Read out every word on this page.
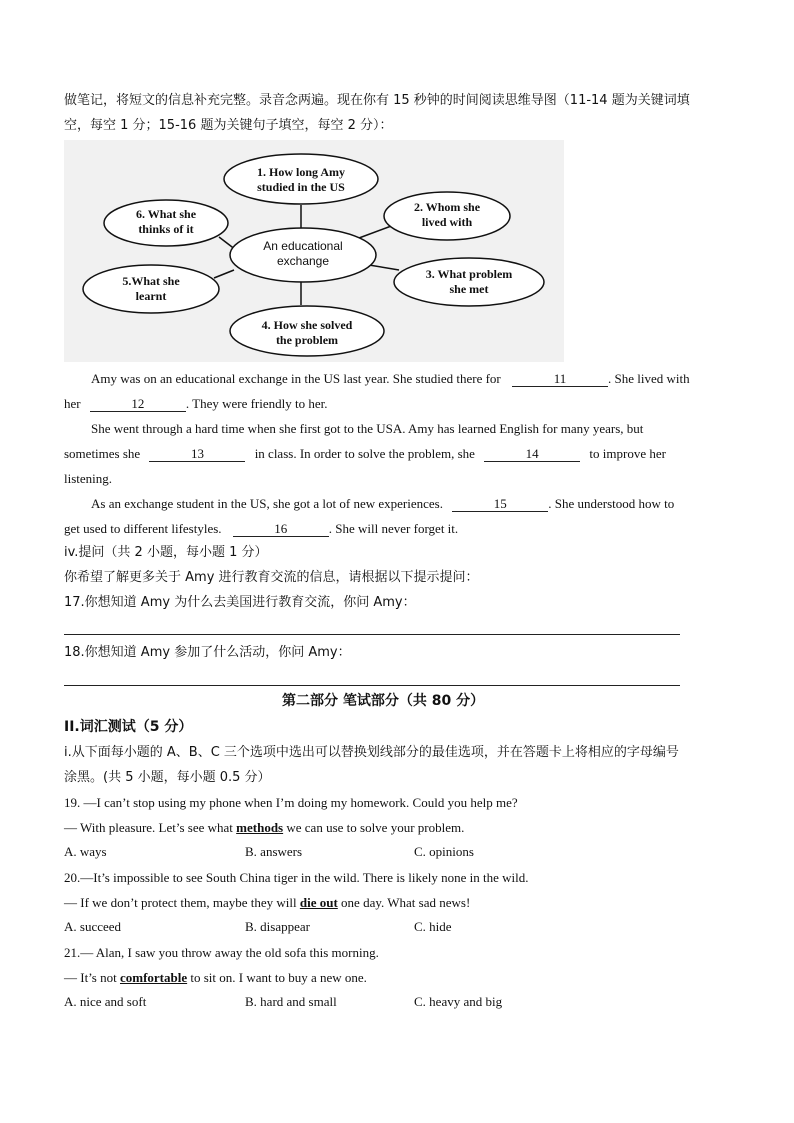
做笔记，将短文的信息补充完整。录音念两遍。现在你有 15 秒钟的时间阅读思维导图（11-14 题为关键词填
空，每空 1 分；15-16 题为关键句子填空，每空 2 分）：
An educational
exchange
1. How long Amy
studied in the US
2. Whom she
lived with
3. What problem
she met
4. How she solved
the problem
5.What she
learnt
6. What she
thinks of it
Amy was on an educational exchange in the US last year. She studied there for	11	. She lived with
her	12	. They were friendly to her.
She went through a hard time when she first got to the USA. Amy has learned English for many years, but
sometimes she	13	in class. In order to solve the problem, she	14	to improve her
listening.
As an exchange student in the US, she got a lot of new experiences.	15	. She understood how to
get used to different lifestyles.	16	. She will never forget it.
iv.提问（共 2 小题，每小题 1 分）
你希望了解更多关于 Amy 进行教育交流的信息，请根据以下提示提问：
17.你想知道 Amy 为什么去美国进行教育交流，你问 Amy：
18.你想知道 Amy 参加了什么活动，你问 Amy：
第二部分 笔试部分（共 80 分）
II.词汇测试（5 分）
i.从下面每小题的 A、B、C 三个选项中选出可以替换划线部分的最佳选项，并在答题卡上将相应的字母编号
涂黑。(共 5 小题，每小题 0.5 分）
19. —I can’t stop using my phone when I’m doing my homework. Could you help me?
— With pleasure. Let’s see what methods we can use to solve your problem.
A. ways	B. answers	C. opinions
20.—It’s impossible to see South China tiger in the wild. There is likely none in the wild.
— If we don’t protect them, maybe they will die out one day. What sad news!
A. succeed	B. disappear	C. hide
21.— Alan, I saw you throw away the old sofa this morning.
— It’s not comfortable to sit on. I want to buy a new one.
A. nice and soft	B. hard and small	C. heavy and big
